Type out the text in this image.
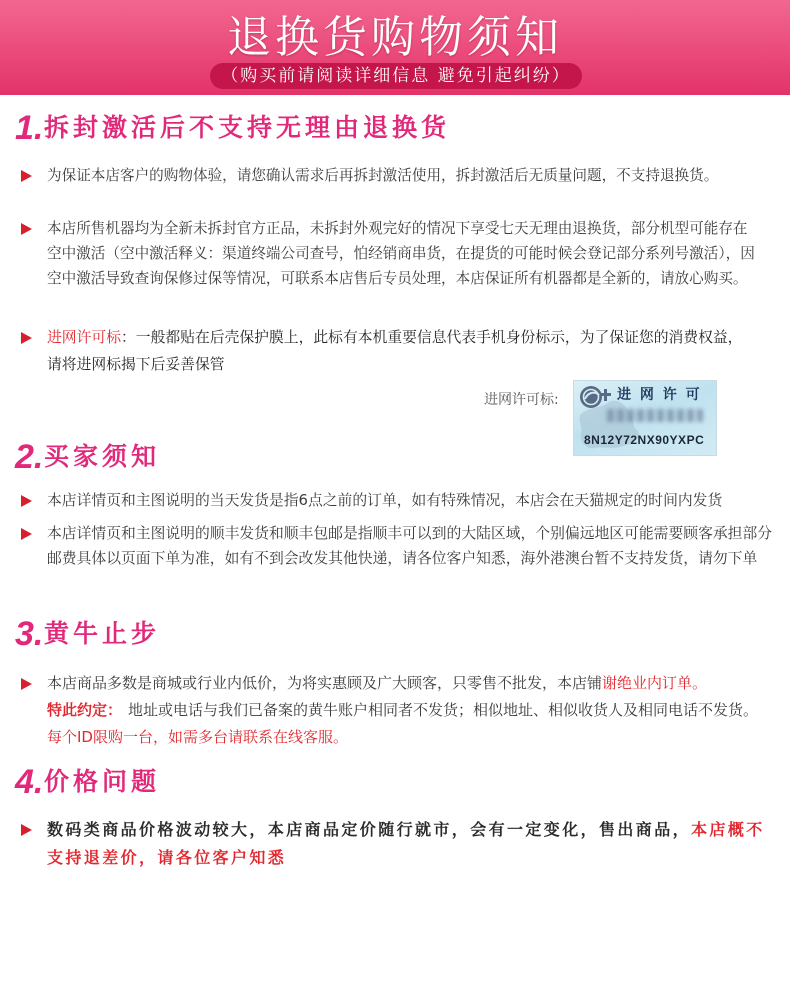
退换货购物须知
（购买前请阅读详细信息 避免引起纠纷）
1.拆封激活后不支持无理由退换货
为保证本店客户的购物体验，请您确认需求后再拆封激活使用，拆封激活后无质量问题，不支持退换货。
本店所售机器均为全新未拆封官方正品，未拆封外观完好的情况下享受七天无理由退换货，部分机型可能存在
空中激活（空中激活释义：渠道终端公司查号，怕经销商串货，在提货的可能时候会登记部分系列号激活），因
空中激活导致查询保修过保等情况，可联系本店售后专员处理，本店保证所有机器都是全新的，请放心购买。
进网许可标：一般都贴在后壳保护膜上，此标有本机重要信息代表手机身份标示，为了保证您的消费权益，
请将进网标揭下后妥善保管
进网许可标:	进 网 许 可
8N12Y72NX90YXPC
2.买家须知
本店详情页和主图说明的当天发货是指6点之前的订单，如有特殊情况，本店会在天猫规定的时间内发货
本店详情页和主图说明的顺丰发货和顺丰包邮是指顺丰可以到的大陆区域，个别偏远地区可能需要顾客承担部分
邮费具体以页面下单为准，如有不到会改发其他快递，请各位客户知悉，海外港澳台暂不支持发货，请勿下单
3.黄牛止步
本店商品多数是商城或行业内低价，为将实惠顾及广大顾客，只零售不批发，本店铺谢绝业内订单。
特此约定： 地址或电话与我们已备案的黄牛账户相同者不发货；相似地址、相似收货人及相同电话不发货。
每个ID限购一台，如需多台请联系在线客服。
4.价格问题
数码类商品价格波动较大，本店商品定价随行就市，会有一定变化，售出商品，本店概不
支持退差价，请各位客户知悉
